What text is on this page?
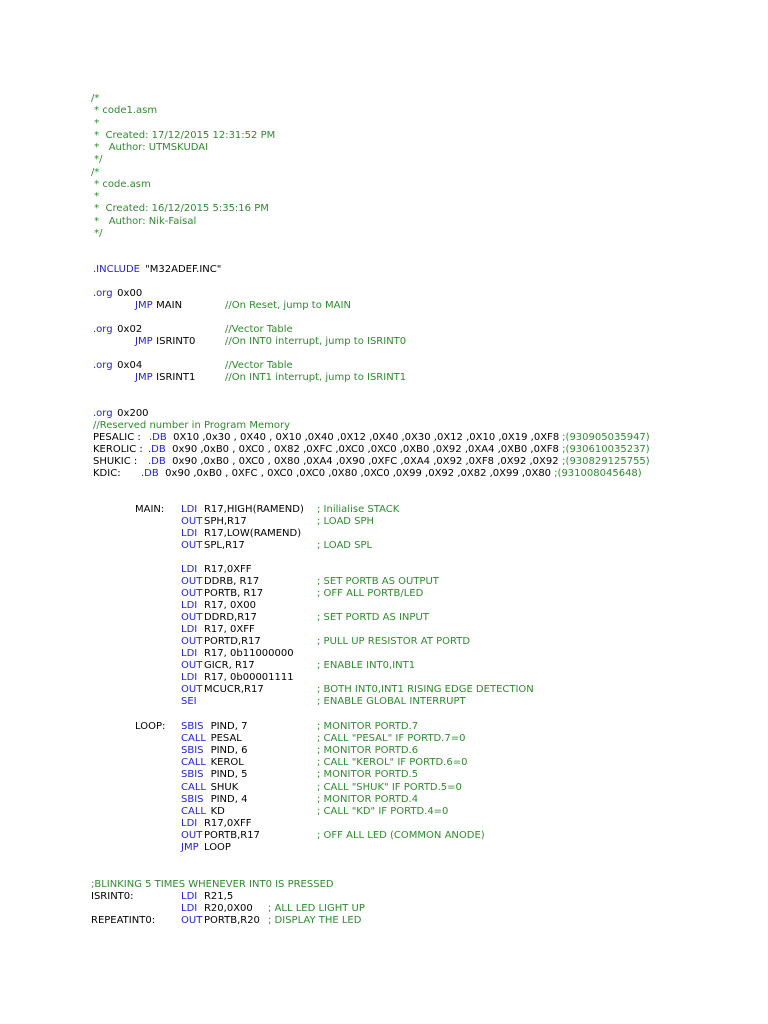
/*
* code1.asm
*
*  Created: 17/12/2015 12:31:52 PM
*   Author: UTMSKUDAI
*/
/*
* code.asm
*
*  Created: 16/12/2015 5:35:16 PM
*   Author: Nik-Faisal
*/
.INCLUDE "M32ADEF.INC"
.org 0x00
JMP MAIN	//On Reset, jump to MAIN
.org 0x02	//Vector Table
JMP ISRINT0	//On INT0 interrupt, jump to ISRINT0
.org 0x04	//Vector Table
JMP ISRINT1	//On INT1 interrupt, jump to ISRINT1
.org 0x200
//Reserved number in Program Memory
PESALIC : .DB 0X10 ,0x30 , 0X40 , 0X10 ,0X40 ,0X12 ,0X40 ,0X30 ,0X12 ,0X10 ,0X19 ,0XF8 ;(930905035947)
KEROLIC : .DB 0x90 ,0xB0 , 0XC0 , 0X82 ,0XFC ,0XC0 ,0XC0 ,0XB0 ,0X92 ,0XA4 ,0XB0 ,0XF8 ;(930610035237)
SHUKIC : .DB 0x90 ,0xB0 , 0XC0 , 0X80 ,0XA4 ,0X90 ,0XFC ,0XA4 ,0X92 ,0XF8 ,0X92 ,0X92 ;(930829125755)
KDIC: .DB 0x90 ,0xB0 , 0XFC , 0XC0 ,0XC0 ,0X80 ,0XC0 ,0X99 ,0X92 ,0X82 ,0X99 ,0X80 ;(931008045648)
MAIN: LDI R17,HIGH(RAMEND) ; Inilialise STACK
OUT
SPH,R17	; LOAD SPH
LDI R17,LOW(RAMEND)
OUT
SPL,R17	; LOAD SPL
LDI R17,0XFF
OUT
DDRB, R17	; SET PORTB AS OUTPUT
OUT
PORTB, R17	; OFF ALL PORTB/LED
LDI R17, 0X00
OUT
DDRD,R17	; SET PORTD AS INPUT
LDI R17, 0XFF
OUT
PORTD,R17	; PULL UP RESISTOR AT PORTD
LDI R17, 0b11000000
OUT
GICR, R17	; ENABLE INT0,INT1
LDI R17, 0b00001111
OUT
MCUCR,R17	; BOTH INT0,INT1 RISING EDGE DETECTION
SEI	; ENABLE GLOBAL INTERRUPT
LOOP: SBIS PIND, 7	; MONITOR PORTD.7
CALL PESAL	; CALL "PESAL" IF PORTD.7=0
SBIS PIND, 6	; MONITOR PORTD.6
CALL KEROL	; CALL "KEROL" IF PORTD.6=0
SBIS PIND, 5	; MONITOR PORTD.5
CALL SHUK	; CALL "SHUK" IF PORTD.5=0
SBIS PIND, 4	; MONITOR PORTD.4
CALL KD	; CALL "KD" IF PORTD.4=0
LDI R17,0XFF
OUT
PORTB,R17	; OFF ALL LED (COMMON ANODE)
JMP LOOP
;BLINKING 5 TIMES WHENEVER INT0 IS PRESSED
ISRINT0:	LDI R21,5
LDI R20,0X00 ; ALL LED LIGHT UP
REPEATINT0:	OUT
PORTB,R20 ; DISPLAY THE LED
